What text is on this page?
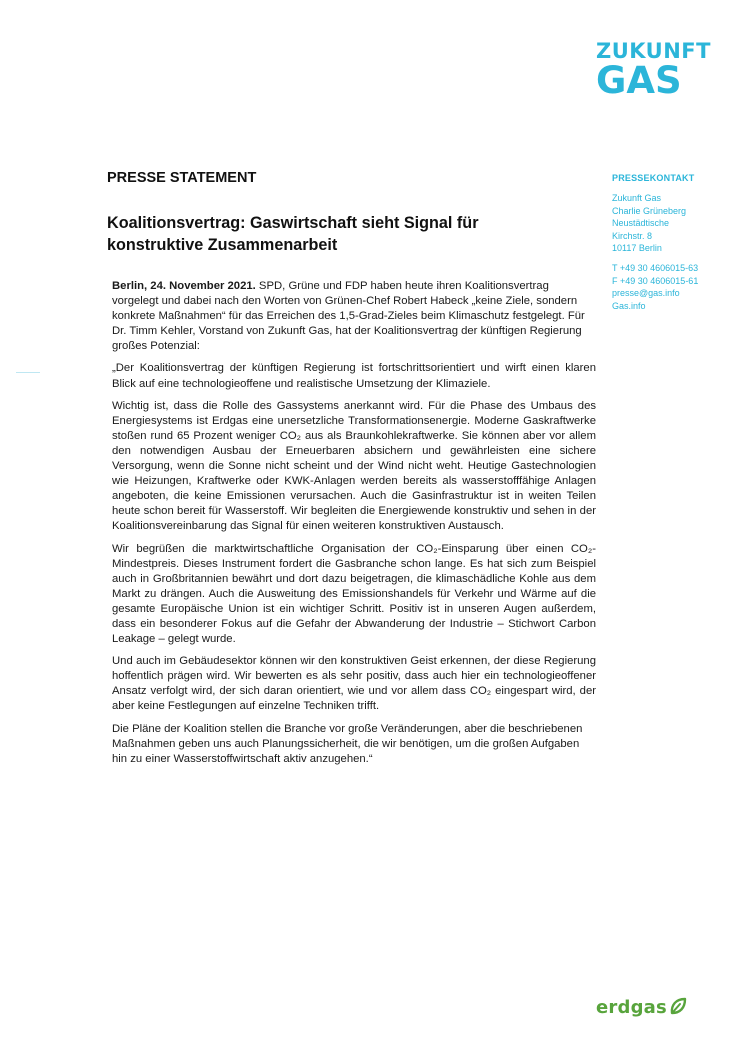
ZUKUNFT
GAS
PRESSE STATEMENT
Koalitionsvertrag: Gaswirtschaft sieht Signal für konstruktive Zusammenarbeit
PRESSEKONTAKT
Zukunft Gas
Charlie Grüneberg
Neustädtische
Kirchstr. 8
10117 Berlin
T +49 30 4606015-63
F +49 30 4606015-61
presse@gas.info
Gas.info

Berlin, 24. November 2021. SPD, Grüne und FDP haben heute ihren Koalitionsvertrag vorgelegt und dabei nach den Worten von Grünen-Chef Robert Habeck „keine Ziele, sondern konkrete Maßnahmen“ für das Erreichen des 1,5-Grad-Zieles beim Klimaschutz festgelegt. Für Dr. Timm Kehler, Vorstand von Zukunft Gas, hat der Koalitionsvertrag der künftigen Regierung großes Potenzial:

„Der Koalitionsvertrag der künftigen Regierung ist fortschrittsorientiert und wirft einen klaren Blick auf eine technologieoffene und realistische Umsetzung der Klimaziele.

Wichtig ist, dass die Rolle des Gassystems anerkannt wird. Für die Phase des Umbaus des Energiesystems ist Erdgas eine unersetzliche Transformationsenergie. Moderne Gaskraftwerke stoßen rund 65 Prozent weniger CO₂ aus als Braunkohlekraftwerke. Sie können aber vor allem den notwendigen Ausbau der Erneuerbaren absichern und gewährleisten eine sichere Versorgung, wenn die Sonne nicht scheint und der Wind nicht weht. Heutige Gastechnologien wie Heizungen, Kraftwerke oder KWK-Anlagen werden bereits als wasserstofffähige Anlagen angeboten, die keine Emissionen verursachen. Auch die Gasinfrastruktur ist in weiten Teilen heute schon bereit für Wasserstoff. Wir begleiten die Energiewende konstruktiv und sehen in der Koalitionsvereinbarung das Signal für einen weiteren konstruktiven Austausch.

Wir begrüßen die marktwirtschaftliche Organisation der CO₂-Einsparung über einen CO₂-Mindestpreis. Dieses Instrument fordert die Gasbranche schon lange. Es hat sich zum Beispiel auch in Großbritannien bewährt und dort dazu beigetragen, die klimaschädliche Kohle aus dem Markt zu drängen. Auch die Ausweitung des Emissionshandels für Verkehr und Wärme auf die gesamte Europäische Union ist ein wichtiger Schritt. Positiv ist in unseren Augen außerdem, dass ein besonderer Fokus auf die Gefahr der Abwanderung der Industrie – Stichwort Carbon Leakage – gelegt wurde.

Und auch im Gebäudesektor können wir den konstruktiven Geist erkennen, der diese Regierung hoffentlich prägen wird. Wir bewerten es als sehr positiv, dass auch hier ein technologieoffener Ansatz verfolgt wird, der sich daran orientiert, wie und vor allem dass CO₂ eingespart wird, der aber keine Festlegungen auf einzelne Techniken trifft.

Die Pläne der Koalition stellen die Branche vor große Veränderungen, aber die beschriebenen Maßnahmen geben uns auch Planungssicherheit, die wir benötigen, um die großen Aufgaben hin zu einer Wasserstoffwirtschaft aktiv anzugehen.“

erdgas
